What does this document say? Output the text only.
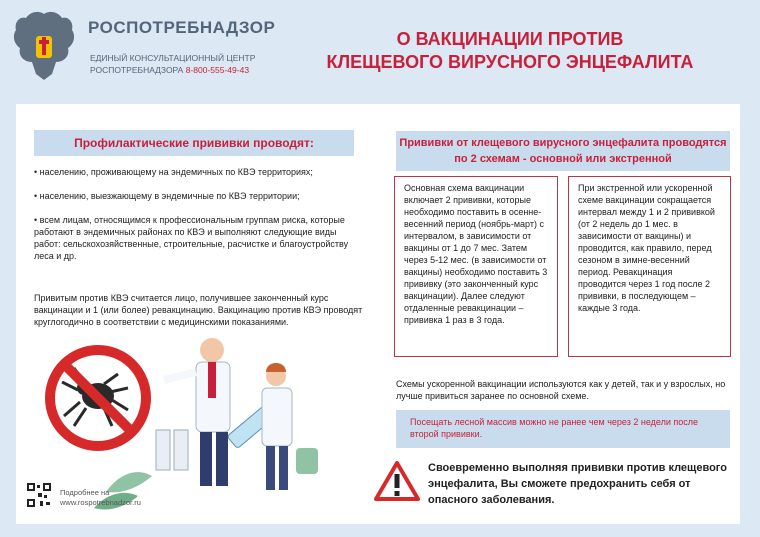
РОСПОТРЕБНАДЗОР
ЕДИНЫЙ КОНСУЛЬТАЦИОННЫЙ ЦЕНТР
РОСПОТРЕБНАДЗОРА 8-800-555-49-43
О ВАКЦИНАЦИИ ПРОТИВ
КЛЕЩЕВОГО ВИРУСНОГО ЭНЦЕФАЛИТА
Профилактические прививки проводят:
• населению, проживающему на эндемичных по КВЭ территориях;
• населению, выезжающему в эндемичные по КВЭ территории;
• всем лицам, относящимся к профессиональным группам риска, которые работают в эндемичных районах по КВЭ и выполняют следующие виды работ: сельскохозяйственные, строительные, расчистке и благоустройству леса и др.
Привитым против КВЭ считается лицо, получившее законченный курс вакцинации и 1 (или более) ревакцинацию. Вакцинацию против КВЭ проводят круглогодично в соответствии с медицинскими показаниями.
Подробнее на
www.rospotrebnadzor.ru
Прививки от клещевого вирусного энцефалита проводятся по 2 схемам - основной или экстренной
Основная схема вакцинации включает 2 прививки, которые необходимо поставить в осенне-весенний период (ноябрь-март) с интервалом, в зависимости от вакцины от 1 до 7 мес. Затем через 5-12 мес. (в зависимости от вакцины) необходимо поставить 3 прививку (это законченный курс вакцинации). Далее следуют отдаленные ревакцинации – прививка 1 раз в 3 года.
При экстренной или ускоренной схеме вакцинации сокращается интервал между 1 и 2 прививкой (от 2 недель до 1 мес. в зависимости от вакцины) и проводится, как правило, перед сезоном в зимне-весенний период. Ревакцинация проводится через 1 год после 2 прививки, в последующем – каждые 3 года.
Схемы ускоренной вакцинации используются как у детей, так и у взрослых, но лучше привиться заранее по основной схеме.
Посещать лесной массив можно не ранее чем через 2 недели после второй прививки.
Своевременно выполняя прививки против клещевого энцефалита, Вы сможете предохранить себя от опасного заболевания.
